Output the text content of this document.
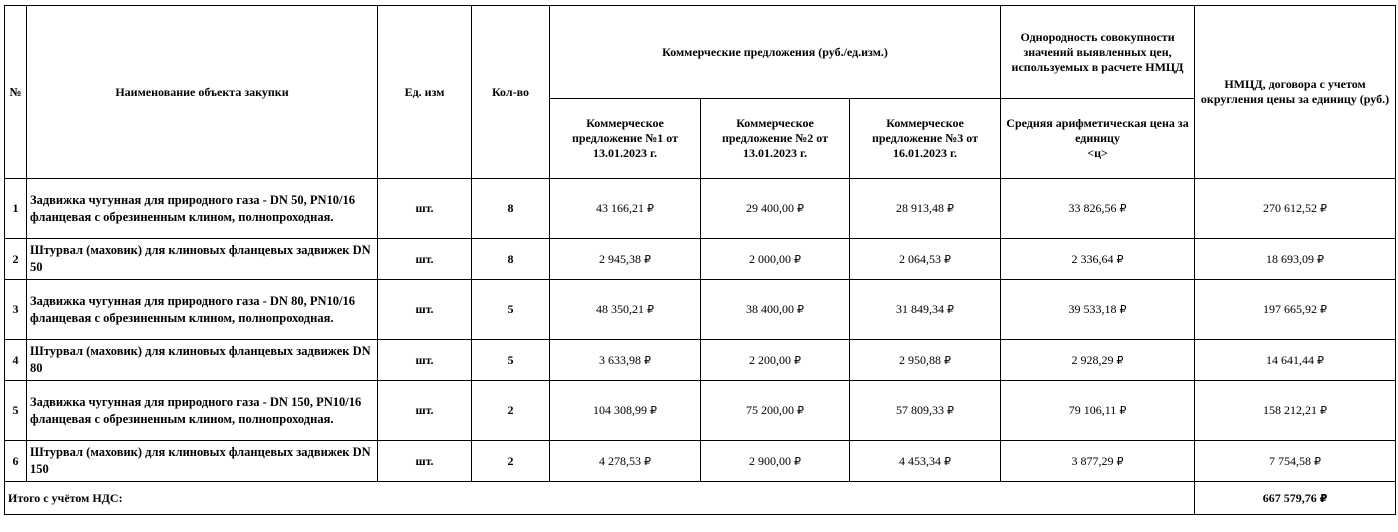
№	Наименование объекта закупки	Ед. изм	Кол-во	Коммерческие предложения (руб./ед.изм.)			Однородность совокупности значений выявленных цен, используемых в расчете НМЦД	НМЦД, договора с учетом округления цены за единицу (руб.)
				Коммерческое предложение №1 от 13.01.2023 г.	Коммерческое предложение №2 от 13.01.2023 г.	Коммерческое предложение №3 от 16.01.2023 г.	Средняя арифметическая цена за единицу
<ц>	
1	Задвижка чугунная для природного газа - DN 50, PN10/16 фланцевая с обрезиненным клином, полнопроходная.	шт.	8	43 166,21 ₽	29 400,00 ₽	28 913,48 ₽	33 826,56 ₽	270 612,52 ₽
2	Штурвал (маховик) для клиновых фланцевых задвижек DN 50	шт.	8	2 945,38 ₽	2 000,00 ₽	2 064,53 ₽	2 336,64 ₽	18 693,09 ₽
3	Задвижка чугунная для природного газа - DN 80, PN10/16 фланцевая с обрезиненным клином, полнопроходная.	шт.	5	48 350,21 ₽	38 400,00 ₽	31 849,34 ₽	39 533,18 ₽	197 665,92 ₽
4	Штурвал (маховик) для клиновых фланцевых задвижек DN 80	шт.	5	3 633,98 ₽	2 200,00 ₽	2 950,88 ₽	2 928,29 ₽	14 641,44 ₽
5	Задвижка чугунная для природного газа - DN 150, PN10/16 фланцевая с обрезиненным клином, полнопроходная.	шт.	2	104 308,99 ₽	75 200,00 ₽	57 809,33 ₽	79 106,11 ₽	158 212,21 ₽
6	Штурвал (маховик) для клиновых фланцевых задвижек DN 150	шт.	2	4 278,53 ₽	2 900,00 ₽	4 453,34 ₽	3 877,29 ₽	7 754,58 ₽
Итого с учётом НДС:								667 579,76 ₽
